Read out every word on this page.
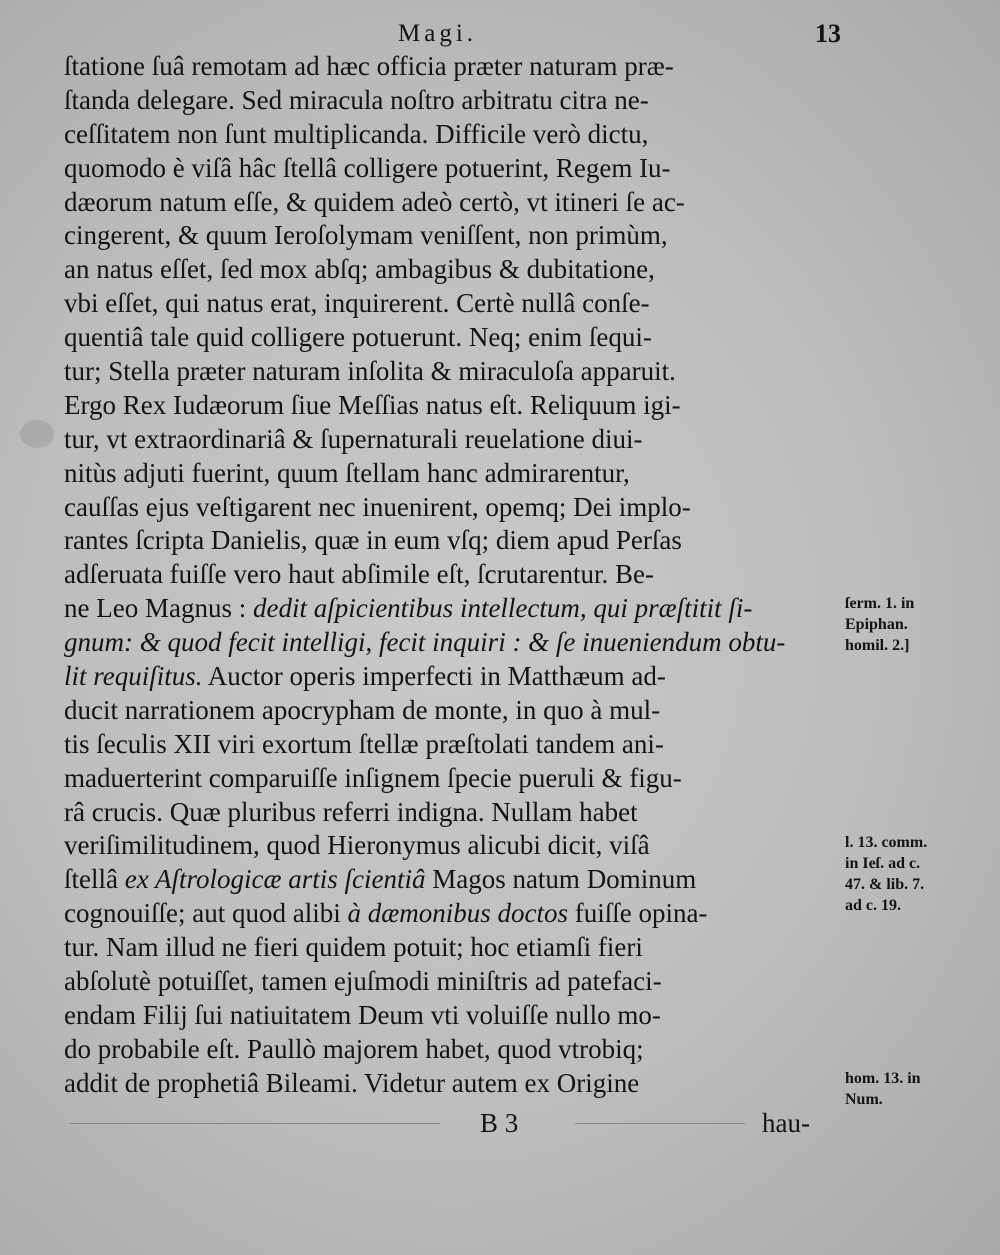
Magi.	13
ſtatione ſuâ remotam ad hæc officia præter naturam præ-
ſtanda delegare. Sed miracula noſtro arbitratu citra ne-
ceſſitatem non ſunt multiplicanda. Difficile verò dictu,
quomodo è viſâ hâc ſtellâ colligere potuerint, Regem Iu-
dæorum natum eſſe, & quidem adeò certò, vt itineri ſe ac-
cingerent, & quum Ieroſolymam veniſſent, non primùm,
an natus eſſet, ſed mox abſq; ambagibus & dubitatione,
vbi eſſet, qui natus erat, inquirerent. Certè nullâ conſe-
quentiâ tale quid colligere potuerunt. Neq; enim ſequi-
tur; Stella præter naturam inſolita & miraculoſa apparuit.
Ergo Rex Iudæorum ſiue Meſſias natus eſt. Reliquum igi-
tur, vt extraordinariâ & ſupernaturali reuelatione diui-
nitùs adjuti fuerint, quum ſtellam hanc admirarentur,
cauſſas ejus veſtigarent nec inuenirent, opemq; Dei implo-
rantes ſcripta Danielis, quæ in eum vſq; diem apud Perſas
adſeruata fuiſſe vero haut abſimile eſt, ſcrutarentur. Be-
ne Leo Magnus : dedit aſpicientibus intellectum, qui præſtitit ſi-
gnum: & quod fecit intelligi, fecit inquiri : & ſe inueniendum obtu-
lit requiſitus. Auctor operis imperfecti in Matthæum ad-
ducit narrationem apocrypham de monte, in quo à mul-
tis ſeculis XII viri exortum ſtellæ præſtolati tandem ani-
maduerterint comparuiſſe inſignem ſpecie pueruli & figu-
râ crucis. Quæ pluribus referri indigna. Nullam habet
veriſimilitudinem, quod Hieronymus alicubi dicit, viſâ
ſtellâ ex Aſtrologicæ artis ſcientiâ Magos natum Dominum
cognouiſſe; aut quod alibi à dæmonibus doctos fuiſſe opina-
tur. Nam illud ne fieri quidem potuit; hoc etiamſi fieri
abſolutè potuiſſet, tamen ejuſmodi miniſtris ad patefaci-
endam Filij ſui natiuitatem Deum vti voluiſſe nullo mo-
do probabile eſt. Paullò majorem habet, quod vtrobiq;
addit de prophetiâ Bileami. Videtur autem ex Origine
ſerm. 1. in
Epiphan.
homil. 2.]
l. 13. comm.
in Ieſ. ad c.
47. & lib. 7.
ad c. 19.
hom. 13. in
Num.
B 3	hau-
